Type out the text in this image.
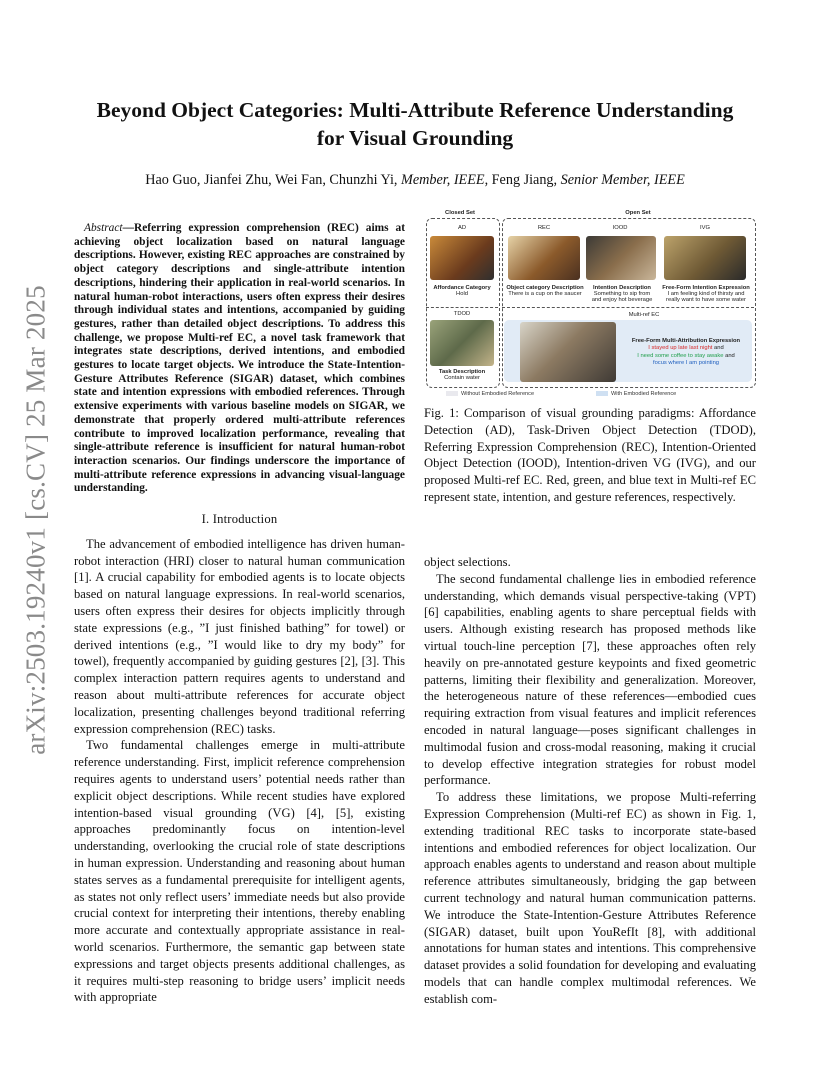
arXiv:2503.19240v1 [cs.CV] 25 Mar 2025
Beyond Object Categories: Multi-Attribute Reference Understanding
for Visual Grounding
Hao Guo, Jianfei Zhu, Wei Fan, Chunzhi Yi, Member, IEEE, Feng Jiang, Senior Member, IEEE

Abstract—Referring expression comprehension (REC) aims at achieving object localization based on natural language descriptions. However, existing REC approaches are constrained by object category descriptions and single-attribute intention descriptions, hindering their application in real-world scenarios. In natural human-robot interactions, users often express their desires through individual states and intentions, accompanied by guiding gestures, rather than detailed object descriptions. To address this challenge, we propose Multi-ref EC, a novel task framework that integrates state descriptions, derived intentions, and embodied gestures to locate target objects. We introduce the State-Intention-Gesture Attributes Reference (SIGAR) dataset, which combines state and intention expressions with embodied references. Through extensive experiments with various baseline models on SIGAR, we demonstrate that properly ordered multi-attribute references contribute to improved localization performance, revealing that single-attribute reference is insufficient for natural human-robot interaction scenarios. Our findings underscore the importance of multi-attribute reference expressions in advancing visual-language understanding.

I. Introduction

The advancement of embodied intelligence has driven human-robot interaction (HRI) closer to natural human communication [1]. A crucial capability for embodied agents is to locate objects based on natural language expressions. In real-world scenarios, users often express their desires for objects implicitly through state expressions (e.g., ”I just finished bathing” for towel) or derived intentions (e.g., ”I would like to dry my body” for towel), frequently accompanied by guiding gestures [2], [3]. This complex interaction pattern requires agents to understand and reason about multi-attribute references for accurate object localization, presenting challenges beyond traditional referring expression comprehension (REC) tasks.

Two fundamental challenges emerge in multi-attribute reference understanding. First, implicit reference comprehension requires agents to understand users’ potential needs rather than explicit object descriptions. While recent studies have explored intention-based visual grounding (VG) [4], [5], existing approaches predominantly focus on intention-level understanding, overlooking the crucial role of state descriptions in human expression. Understanding and reasoning about human states serves as a fundamental prerequisite for intelligent agents, as states not only reflect users’ immediate needs but also provide crucial context for interpreting their intentions, thereby enabling more accurate and contextually appropriate assistance in real-world scenarios. Furthermore, the semantic gap between state expressions and target objects presents additional challenges, as it requires multi-step reasoning to bridge users’ implicit needs with appropriate

Closed Set	Open Set
AD	REC	IOOD	IVG
Affordance Category
Hold
Object category Description
There is a cup on the saucer
Intention Description
Something to sip from
and enjoy hot beverage
Free-Form Intention Expression
I am feeling kind of thirsty and
really want to have some water
TDOD
Task Description
Contain water
Multi-ref EC
Free-Form Multi-Attribution Expression
I stayed up late last night and
I need some coffee to stay awake and
focus where I am pointing
Without Embodied Reference	With Embodied Reference

Fig. 1: Comparison of visual grounding paradigms: Affordance Detection (AD), Task-Driven Object Detection (TDOD), Referring Expression Comprehension (REC), Intention-Oriented Object Detection (IOOD), Intention-driven VG (IVG), and our proposed Multi-ref EC. Red, green, and blue text in Multi-ref EC represent state, intention, and gesture references, respectively.

object selections.

The second fundamental challenge lies in embodied reference understanding, which demands visual perspective-taking (VPT) [6] capabilities, enabling agents to share perceptual fields with users. Although existing research has proposed methods like virtual touch-line perception [7], these approaches often rely heavily on pre-annotated gesture keypoints and fixed geometric patterns, limiting their flexibility and generalization. Moreover, the heterogeneous nature of these references—embodied cues requiring extraction from visual features and implicit references encoded in natural language—poses significant challenges in multimodal fusion and cross-modal reasoning, making it crucial to develop effective integration strategies for robust model performance.

To address these limitations, we propose Multi-referring Expression Comprehension (Multi-ref EC) as shown in Fig. 1, extending traditional REC tasks to incorporate state-based intentions and embodied references for object localization. Our approach enables agents to understand and reason about multiple reference attributes simultaneously, bridging the gap between current technology and natural human communication patterns. We introduce the State-Intention-Gesture Attributes Reference (SIGAR) dataset, built upon YouRefIt [8], with additional annotations for human states and intentions. This comprehensive dataset provides a solid foundation for developing and evaluating models that can handle complex multimodal references. We establish com-
